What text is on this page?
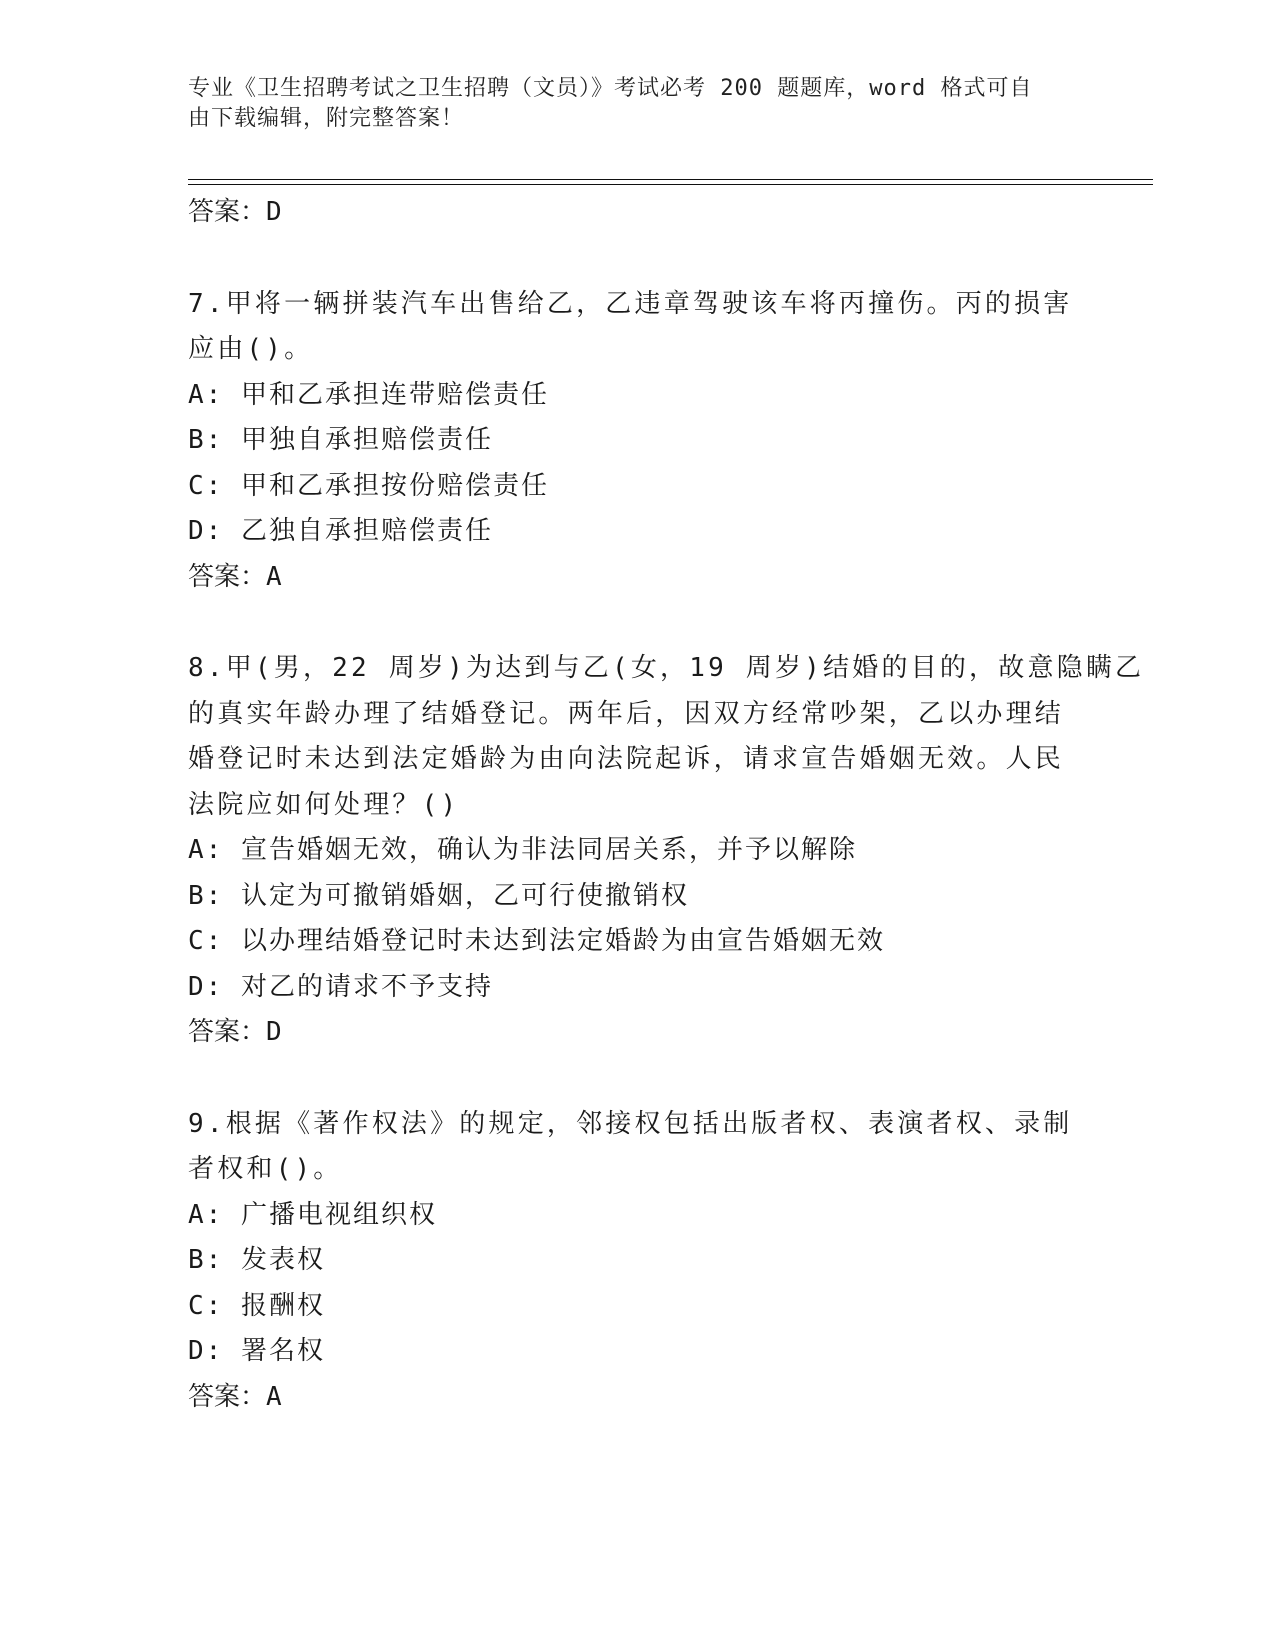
专业《卫生招聘考试之卫生招聘（文员）》考试必考 200 题题库，word 格式可自
由下载编辑，附完整答案！
答案：D
7.甲将一辆拼装汽车出售给乙，乙违章驾驶该车将丙撞伤。丙的损害
应由()。
A: 甲和乙承担连带赔偿责任
B: 甲独自承担赔偿责任
C: 甲和乙承担按份赔偿责任
D: 乙独自承担赔偿责任
答案：A
8.甲(男，22 周岁)为达到与乙(女，19 周岁)结婚的目的，故意隐瞒乙
的真实年龄办理了结婚登记。两年后，因双方经常吵架，乙以办理结
婚登记时未达到法定婚龄为由向法院起诉，请求宣告婚姻无效。人民
法院应如何处理？()
A: 宣告婚姻无效，确认为非法同居关系，并予以解除
B: 认定为可撤销婚姻，乙可行使撤销权
C: 以办理结婚登记时未达到法定婚龄为由宣告婚姻无效
D: 对乙的请求不予支持
答案：D
9.根据《著作权法》的规定，邻接权包括出版者权、表演者权、录制
者权和()。
A: 广播电视组织权
B: 发表权
C: 报酬权
D: 署名权
答案：A
